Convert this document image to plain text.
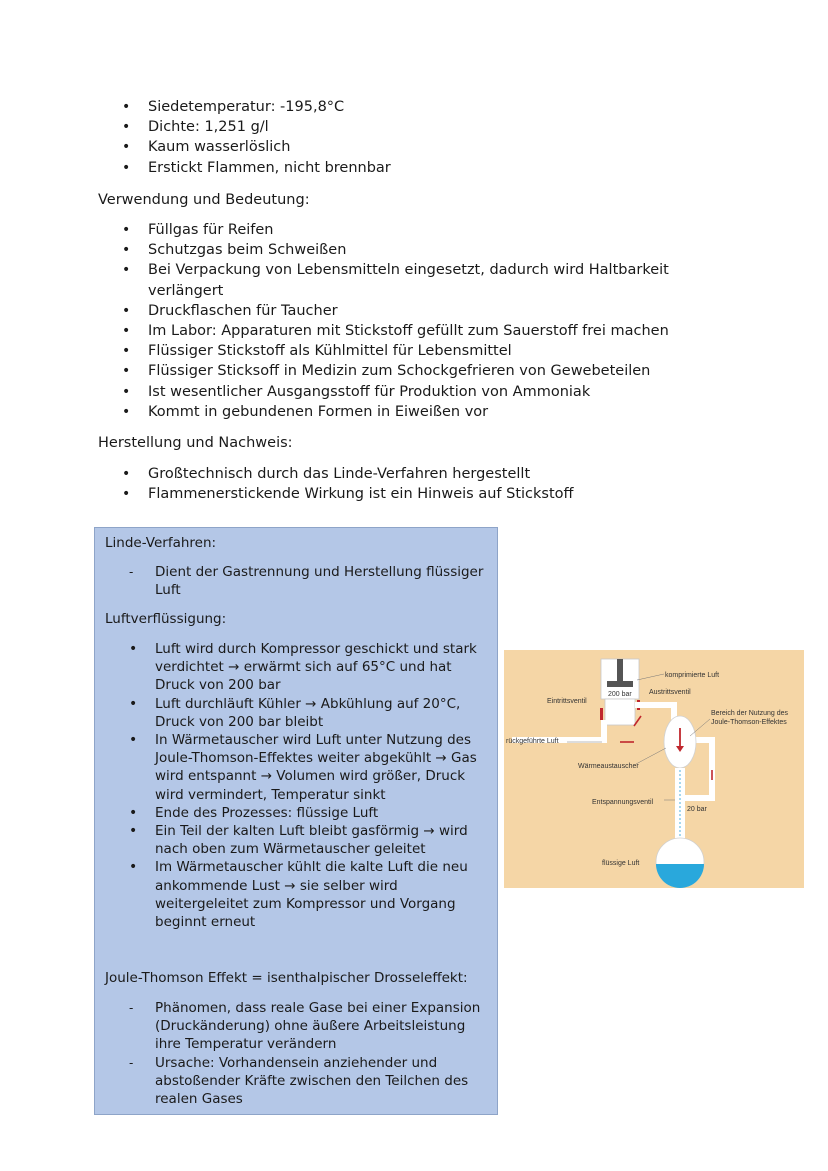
• Siedetemperatur: -195,8°C
• Dichte: 1,251 g/l
• Kaum wasserlöslich
• Erstickt Flammen, nicht brennbar
Verwendung und Bedeutung:
• Füllgas für Reifen
• Schutzgas beim Schweißen
• Bei Verpackung von Lebensmitteln eingesetzt, dadurch wird Haltbarkeit verlängert
• Druckflaschen für Taucher
• Im Labor: Apparaturen mit Stickstoff gefüllt zum Sauerstoff frei machen
• Flüssiger Stickstoff als Kühlmittel für Lebensmittel
• Flüssiger Sticksoff in Medizin zum Schockgefrieren von Gewebeteilen
• Ist wesentlicher Ausgangsstoff für Produktion von Ammoniak
• Kommt in gebundenen Formen in Eiweißen vor
Herstellung und Nachweis:
• Großtechnisch durch das Linde-Verfahren hergestellt
• Flammenerstickende Wirkung ist ein Hinweis auf Stickstoff
Linde-Verfahren:
- Dient der Gastrennung und Herstellung flüssiger Luft
Luftverflüssigung:
• Luft wird durch Kompressor geschickt und stark verdichtet → erwärmt sich auf 65°C und hat Druck von 200 bar
• Luft durchläuft Kühler → Abkühlung auf 20°C, Druck von 200 bar bleibt
• In Wärmetauscher wird Luft unter Nutzung des Joule-Thomson-Effektes weiter abgekühlt → Gas wird entspannt → Volumen wird größer, Druck wird vermindert, Temperatur sinkt
• Ende des Prozesses: flüssige Luft
• Ein Teil der kalten Luft bleibt gasförmig → wird nach oben zum Wärmetauscher geleitet
• Im Wärmetauscher kühlt die kalte Luft die neu ankommende Lust → sie selber wird weitergeleitet zum Kompressor und Vorgang beginnt erneut
Joule-Thomson Effekt = isenthalpischer Drosseleffekt:
- Phänomen, dass reale Gase bei einer Expansion (Druckänderung) ohne äußere Arbeitsleistung ihre Temperatur verändern
- Ursache: Vorhandensein anziehender und abstoßender Kräfte zwischen den Teilchen des realen Gases
200 bar
komprimierte Luft
Austrittsventil
Eintrittsventil
Bereich der Nutzung des
Joule-Thomson-Effektes
rückgeführte Luft
Wärmeaustauscher
Entspannungsventil
20 bar
flüssige Luft
